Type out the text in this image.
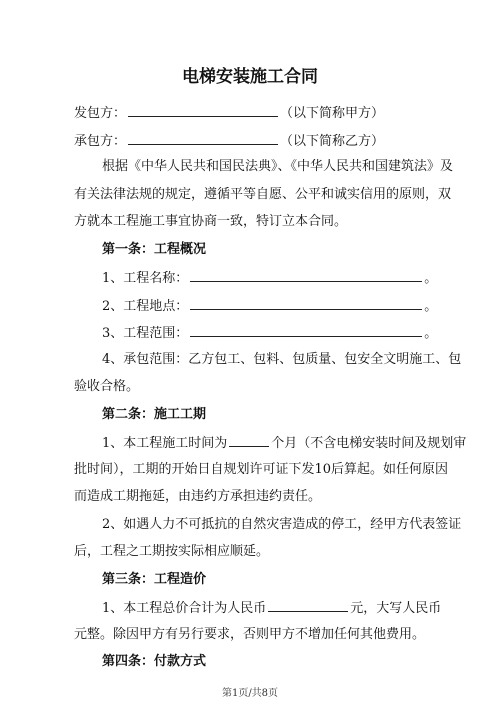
电梯安装施工合同
发包方：	（以下简称甲方）
承包方：	（以下简称乙方）
根据《中华人民共和国民法典》、《中华人民共和国建筑法》及
有关法律法规的规定，遵循平等自愿、公平和诚实信用的原则，双
方就本工程施工事宜协商一致，特订立本合同。
第一条：工程概况
1、工程名称：	。
2、工程地点：	。
3、工程范围：	。
4、承包范围：乙方包工、包料、包质量、包安全文明施工、包
验收合格。
第二条：施工工期
1、本工程施工时间为	个月（不含电梯安装时间及规划审
批时间），工期的开始日自规划许可证下发10后算起。如任何原因
而造成工期拖延，由违约方承担违约责任。
2、如遇人力不可抵抗的自然灾害造成的停工，经甲方代表签证
后，工程之工期按实际相应顺延。
第三条：工程造价
1、本工程总价合计为人民币	元，大写人民币
元整。除因甲方有另行要求，否则甲方不增加任何其他费用。
第四条：付款方式
第1页/共8页
